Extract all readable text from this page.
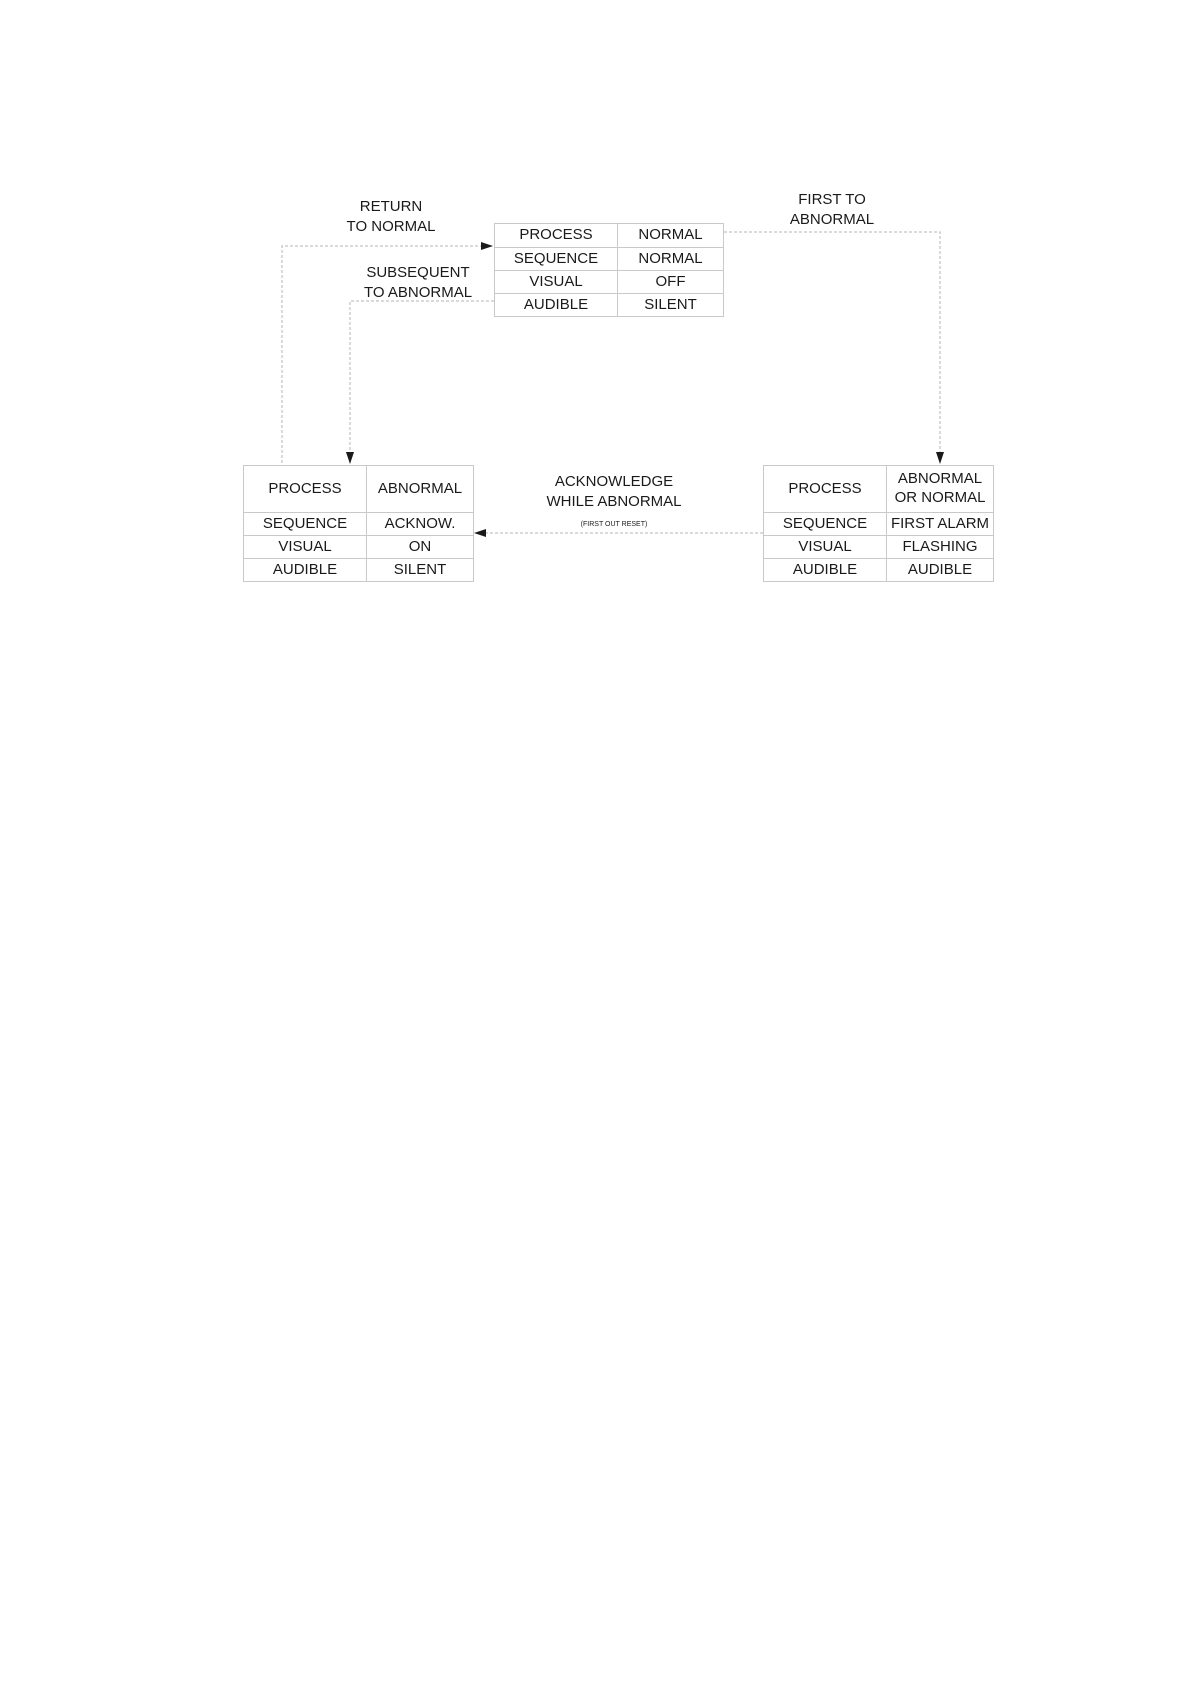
RETURN
TO NORMAL
SUBSEQUENT
TO ABNORMAL
FIRST TO
ABNORMAL
ACKNOWLEDGE
WHILE ABNORMAL
(FIRST OUT RESET)
PROCESS	NORMAL
SEQUENCE	NORMAL
VISUAL	OFF
AUDIBLE	SILENT
PROCESS	ABNORMAL
SEQUENCE	ACKNOW.
VISUAL	ON
AUDIBLE	SILENT
PROCESS	ABNORMAL
OR NORMAL
SEQUENCE	FIRST ALARM
VISUAL	FLASHING
AUDIBLE	AUDIBLE
